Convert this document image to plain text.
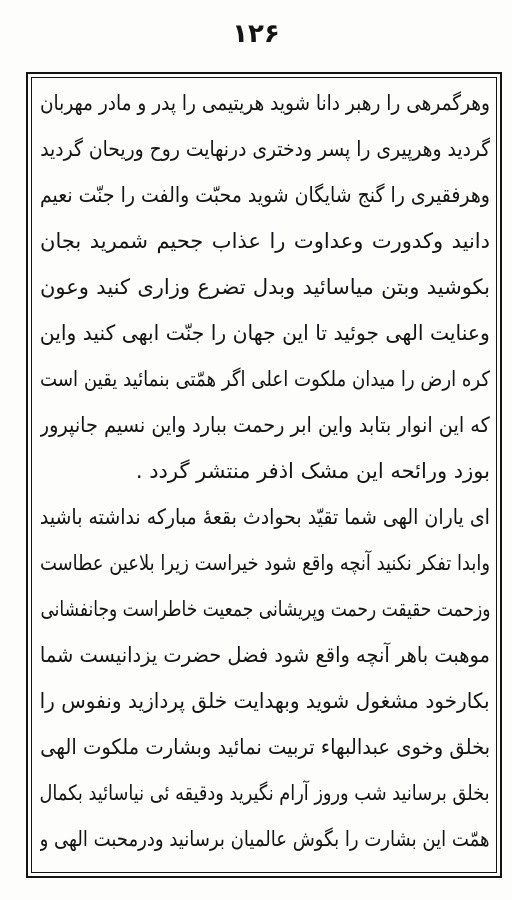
۱۲۶
وهرگمرهی را رهبر دانا شوید هریتیمی را پدر و مادر مهربان
گردید وهرپیری را پسر ودختری درنهایت روح وریحان گردید
وهرفقیری را گنج شایگان شوید محبّت والفت را جنّت نعیم
دانید وکدورت وعداوت را عذاب جحیم شمرید بجان
بکوشید وبتن میاسائید وبدل تضرع وزاری کنید وعون
وعنایت الهی جوئید تا این جهان را جنّت ابهی کنید واین
کره ارض را میدان ملکوت اعلی اگر همّتی بنمائید یقین است
که این انوار بتابد واین ابر رحمت ببارد واین نسیم جانپرور
بوزد ورائحه این مشک اذفر منتشر گردد .
ای یاران الهی شما تقیّد بحوادث بقعهٔ مبارکه نداشته باشید
وابدا تفکر نکنید آنچه واقع شود خیراست زیرا بلاعین عطاست
وزحمت حقیقت رحمت وپریشانی جمعیت خاطراست وجانفشانی
موهبت باهر آنچه واقع شود فضل حضرت یزدانیست شما
بکارخود مشغول شوید وبهدایت خلق پردازید ونفوس را
بخلق وخوی عبدالبهاء تربیت نمائید وبشارت ملکوت الهی
بخلق برسانید شب وروز آرام نگیرید ودقیقه ئی نیاسائید بکمال
همّت این بشارت را بگوش عالمیان برسانید ودرمحبت الهی و
